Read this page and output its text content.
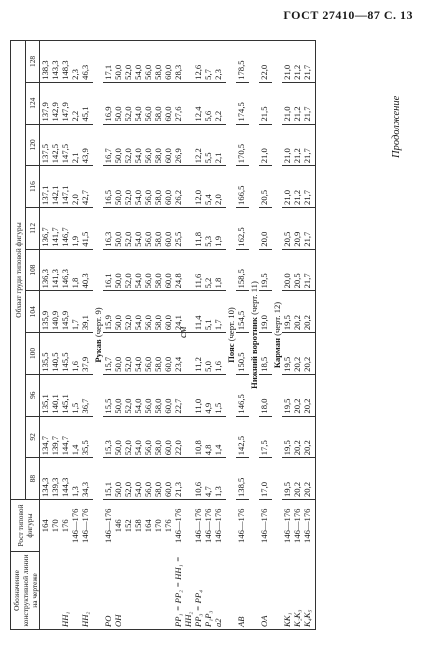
ГОСТ 27410—87 С. 13
Продолжение
см
Обозначение конструктивной линии на чертеже	Рост типовой фигуры	Обхват груди типовой фигуры										
		88	92	96	100	104	108	112	116	120	124	128
	164	134,3	134,7	135,1	135,5	135,9	136,3	136,7	137,1	137,5	137,9	138,3
	170	139,3	139,7	140,1	140,5	140,9	141,3	141,7	142,1	142,5	142,9	143,3
HH₁	176	144,3	144,7	145,1	145,5	145,9	146,3	146,7	147,1	147,5	147,9	148,3
	146—176	1,3	1,4	1,5	1,6	1,7	1,8	1,9	2,0	2,1	2,2	2,3
HH₂	146—176	34,3	35,5	36,7	37,9	39,1	40,3	41,5	42,7	43,9	45,1	46,3
Рукав (черт. 9)												
PO	146—176	15,1	15,3	15,5	15,7	15,9	16,1	16,3	16,5	16,7	16,9	17,1
OH	146	50,0	50,0	50,0	50,0	50,0	50,0	50,0	50,0	50,0	50,0	50,0
	152	52,0	52,0	52,0	52,0	52,0	52,0	52,0	52,0	52,0	52,0	52,0
	158	54,0	54,0	54,0	54,0	54,0	54,0	54,0	54,0	54,0	54,0	54,0
	164	56,0	56,0	56,0	56,0	56,0	56,0	56,0	56,0	56,0	56,0	56,0
	170	58,0	58,0	58,0	58,0	58,0	58,0	58,0	58,0	58,0	58,0	58,0
	176	60,0	60,0	60,0	60,0	60,0	60,0	60,0	60,0	60,0	60,0	60,0
PP₁ = PP₂ = HH₁ = HH₂	146—176	21,3	22,0	22,7	23,4	24,1	24,8	25,5	26,2	26,9	27,6	28,3
PP₃ = PP₄	146—176	10,6	10,8	11,0	11,2	11,4	11,6	11,8	12,0	12,2	12,4	12,6
P₁P₃	146—176	4,7	4,8	4,9	5,0	5,1	5,2	5,3	5,4	5,5	5,6	5,7
a2	146—176	1,3	1,4	1,5	1,6	1,7	1,8	1,9	2,0	2,1	2,2	2,3
Пояс (черт. 10)												
AB	146—176	138,5	142,5	146,5	150,5	154,5	158,5	162,5	166,5	170,5	174,5	178,5
Нижний воротник (черт. 11)												
OA	146—176	17,0	17,5	18,0	18,5	19,0	19,5	20,0	20,5	21,0	21,5	22,0
Карман (черт. 12)												
KK₁	146—176	19,5	19,5	19,5	19,5	19,5	20,0	20,5	21,0	21,0	21,0	21,0
K₂K₃	146—176	20,2	20,2	20,2	20,2	20,2	20,5	20,9	21,2	21,2	21,2	21,2
K₄K₅	146—176	20,2	20,2	20,2	20,2	20,2	21,7	21,7	21,7	21,7	21,7	21,7
